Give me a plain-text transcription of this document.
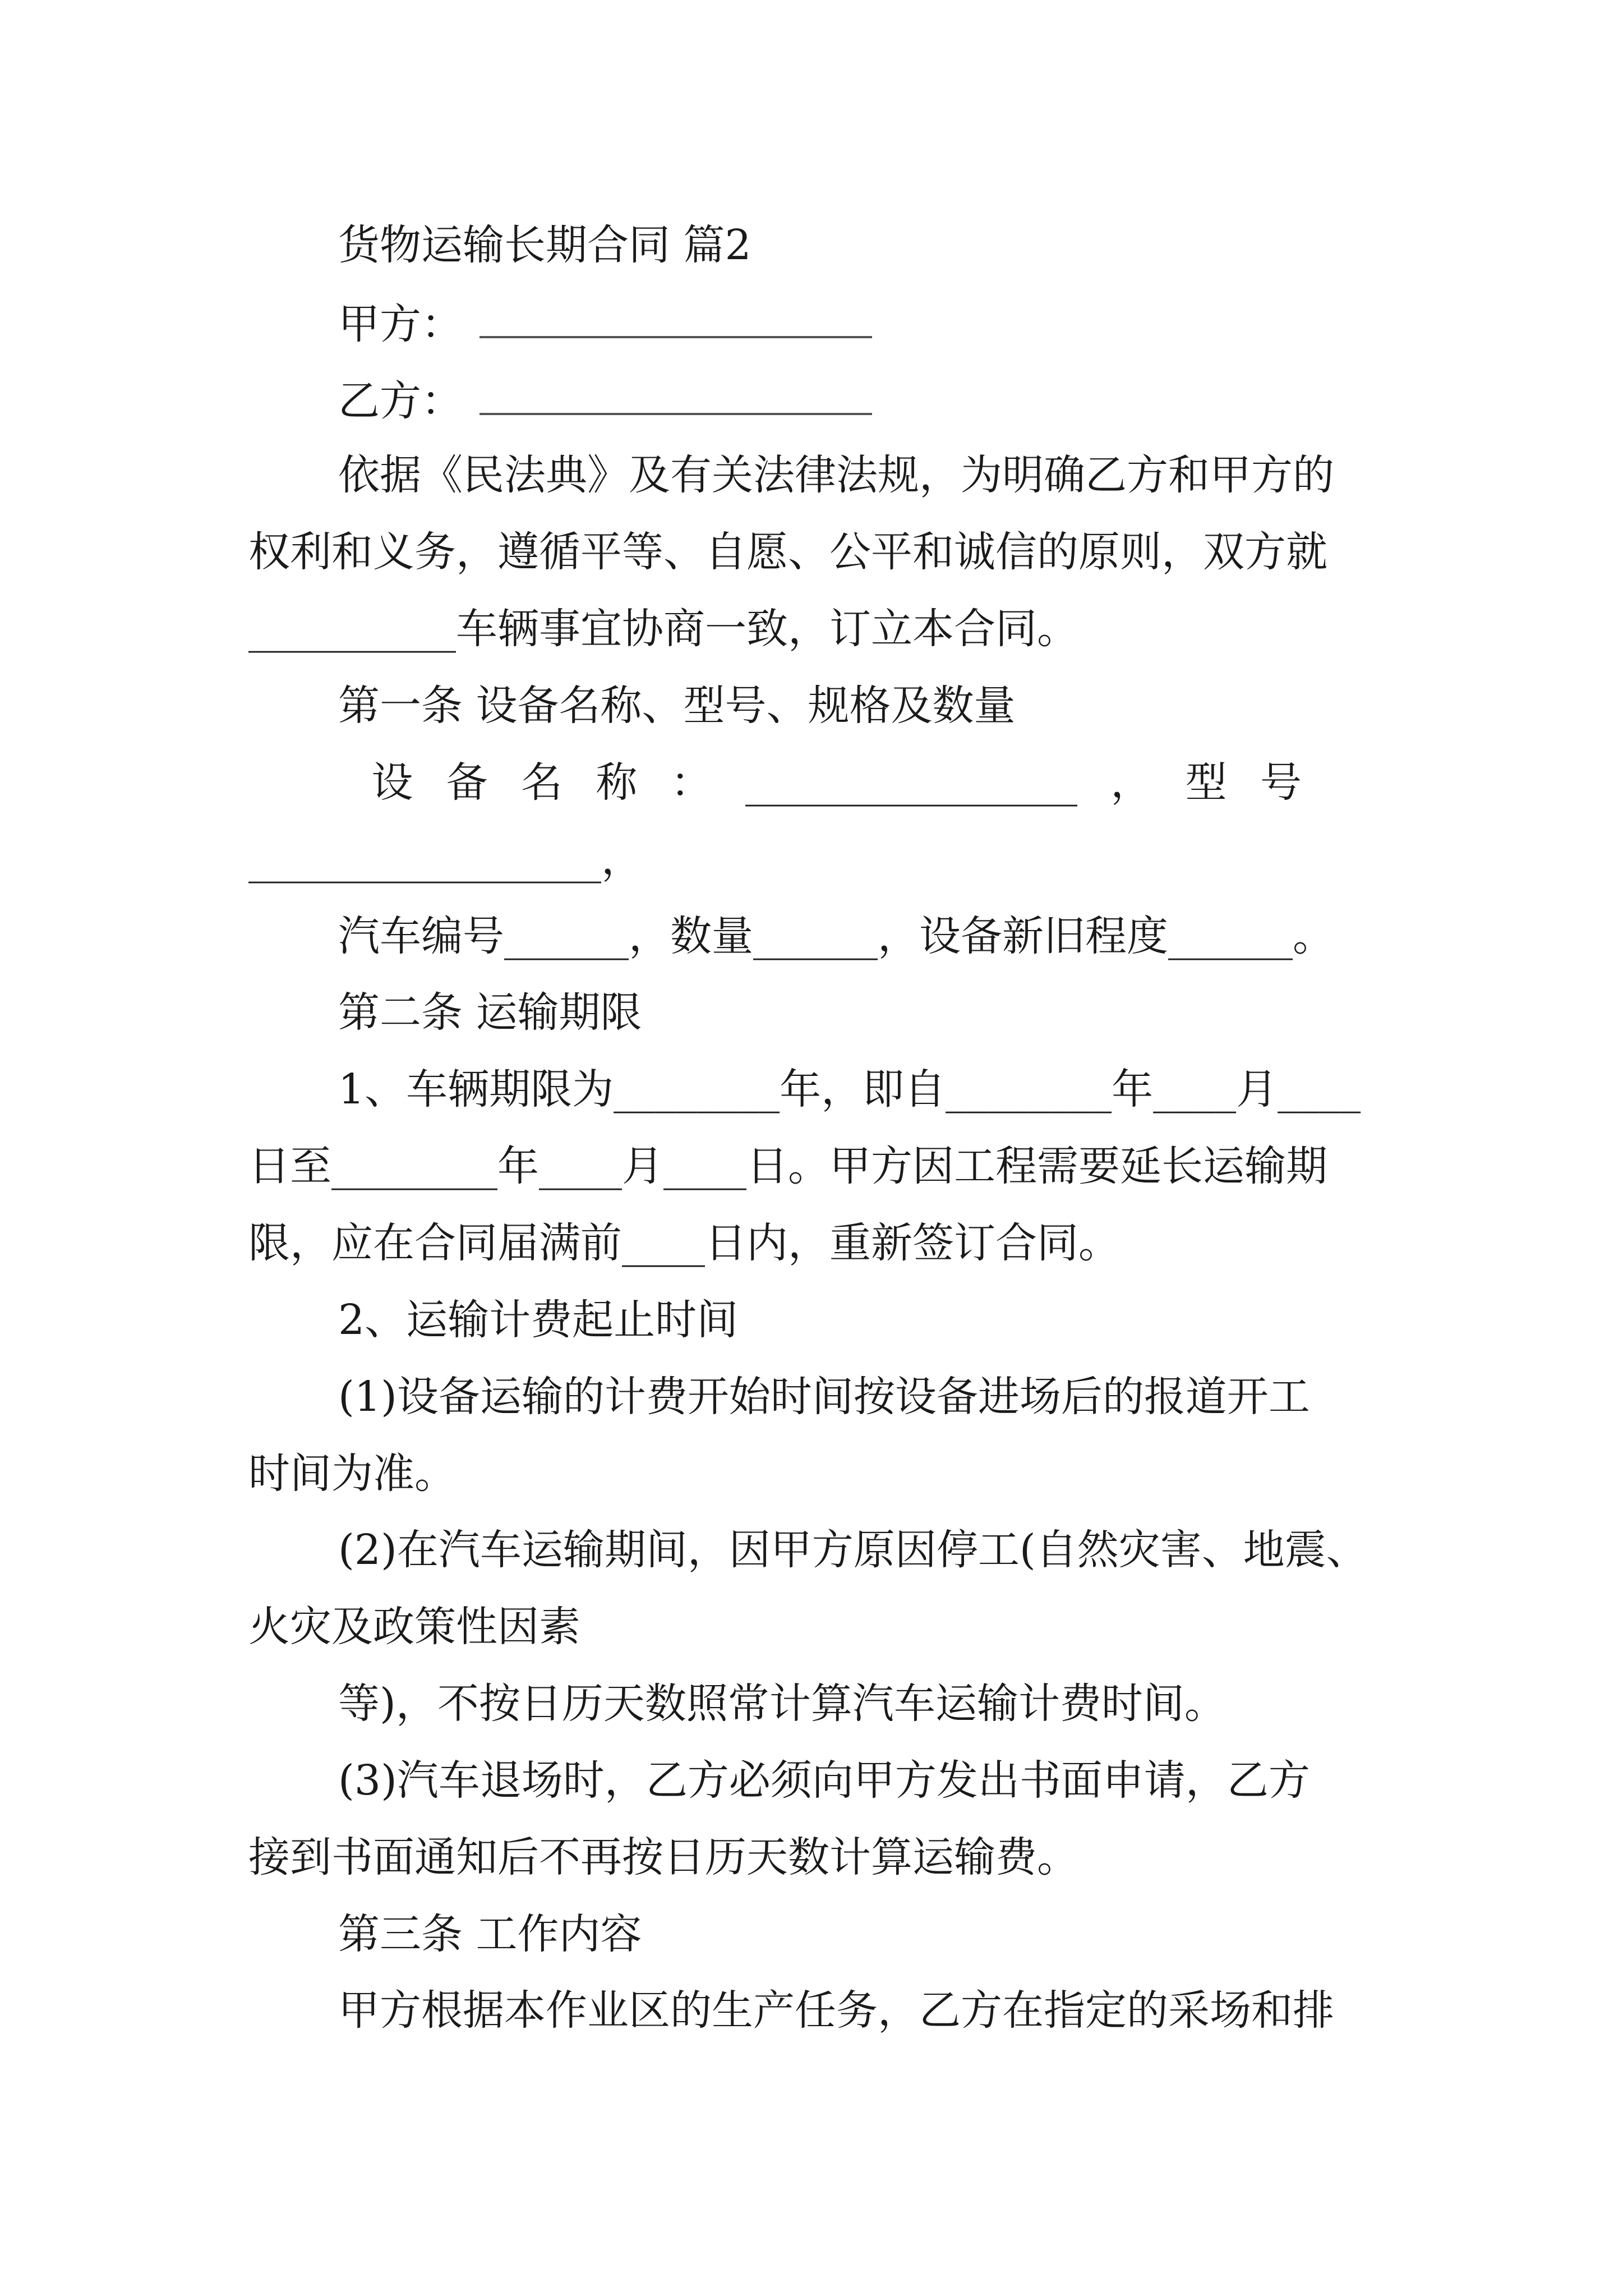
货物运输长期合同 篇2
甲方：
乙方：
依据《民法典》及有关法律法规，为明确乙方和甲方的
权利和义务，遵循平等、自愿、公平和诚信的原则，双方就
__________车辆事宜协商一致，订立本合同。
第一条 设备名称、型号、规格及数量
设 备 名 称 ： ________________ ， 型 号
_________________，
汽车编号______，数量______，设备新旧程度______。
第二条 运输期限
1、车辆期限为________年，即自________年____月____
日至________年____月____日。甲方因工程需要延长运输期
限，应在合同届满前____日内，重新签订合同。
2、运输计费起止时间
(1)设备运输的计费开始时间按设备进场后的报道开工
时间为准。
(2)在汽车运输期间，因甲方原因停工(自然灾害、地震、
火灾及政策性因素
等)，不按日历天数照常计算汽车运输计费时间。
(3)汽车退场时，乙方必须向甲方发出书面申请，乙方
接到书面通知后不再按日历天数计算运输费。
第三条 工作内容
甲方根据本作业区的生产任务，乙方在指定的采场和排
